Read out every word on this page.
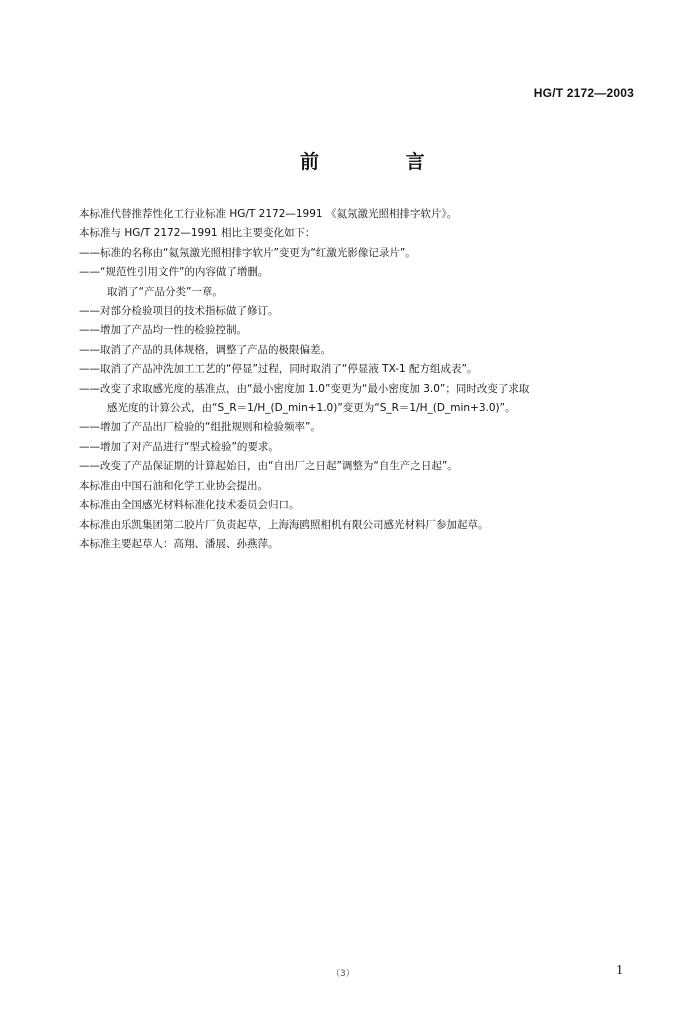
HG/T 2172—2003
前 言

本标准代替推荐性化工行业标准 HG/T 2172—1991 《氦氖激光照相排字软片》。

本标准与 HG/T 2172—1991 相比主要变化如下：

——标准的名称由“氦氖激光照相排字软片”变更为“红激光影像记录片”。

——“规范性引用文件”的内容做了增删。

取消了“产品分类”一章。

——对部分检验项目的技术指标做了修订。

——增加了产品均一性的检验控制。

——取消了产品的具体规格，调整了产品的极限偏差。

——取消了产品冲洗加工工艺的“停显”过程，同时取消了“停显液 TX-1 配方组成表”。

——改变了求取感光度的基准点，由“最小密度加 1.0”变更为“最小密度加 3.0”；同时改变了求取

感光度的计算公式，由“S_R＝1/H_(D_min+1.0)”变更为“S_R＝1/H_(D_min+3.0)”。

——增加了产品出厂检验的“组批规则和检验频率”。

——增加了对产品进行“型式检验”的要求。

——改变了产品保证期的计算起始日，由“自出厂之日起”调整为“自生产之日起”。

本标准由中国石油和化学工业协会提出。

本标准由全国感光材料标准化技术委员会归口。

本标准由乐凯集团第二胶片厂负责起草，上海海鸥照相机有限公司感光材料厂参加起草。

本标准主要起草人：高翔、潘展、孙燕萍。

（3）	1
